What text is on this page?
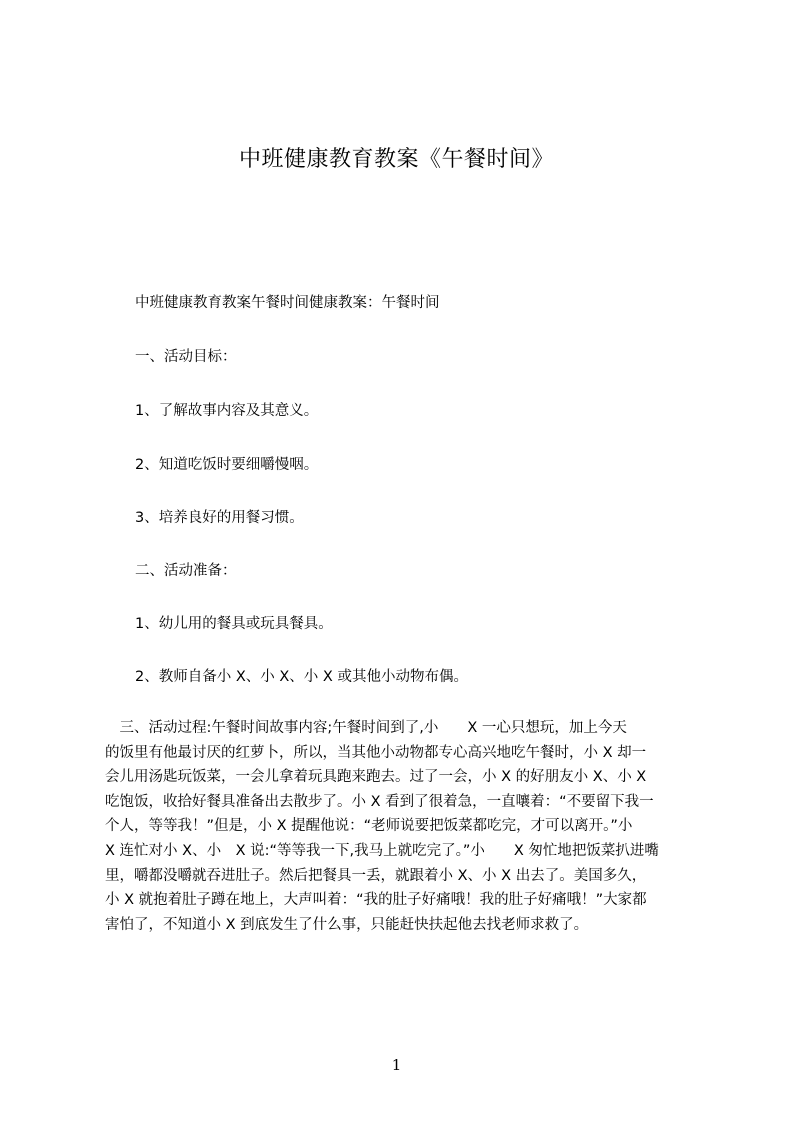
中班健康教育教案《午餐时间》
中班健康教育教案午餐时间健康教案：午餐时间
一、活动目标：
1、了解故事内容及其意义。
2、知道吃饭时要细嚼慢咽。
3、培养良好的用餐习惯。
二、活动准备：
1、幼儿用的餐具或玩具餐具。
2、教师自备小 X、小 X、小 X 或其他小动物布偶。
　三、活动过程:午餐时间故事内容;午餐时间到了,小　　X 一心只想玩，加上今天
的饭里有他最讨厌的红萝卜，所以，当其他小动物都专心高兴地吃午餐时，小 X 却一
会儿用汤匙玩饭菜，一会儿拿着玩具跑来跑去。过了一会，小 X 的好朋友小 X、小 X
吃饱饭，收拾好餐具准备出去散步了。小 X 看到了很着急，一直嚷着：“不要留下我一
个人，等等我！”但是，小 X 提醒他说：“老师说要把饭菜都吃完，才可以离开。”小
X 连忙对小 X、小　X 说:“等等我一下,我马上就吃完了。”小　　X 匆忙地把饭菜扒进嘴
里，嚼都没嚼就吞进肚子。然后把餐具一丢，就跟着小 X、小 X 出去了。美国多久，
小 X 就抱着肚子蹲在地上，大声叫着：“我的肚子好痛哦！我的肚子好痛哦！”大家都
害怕了，不知道小 X 到底发生了什么事，只能赶快扶起他去找老师求救了。
1
